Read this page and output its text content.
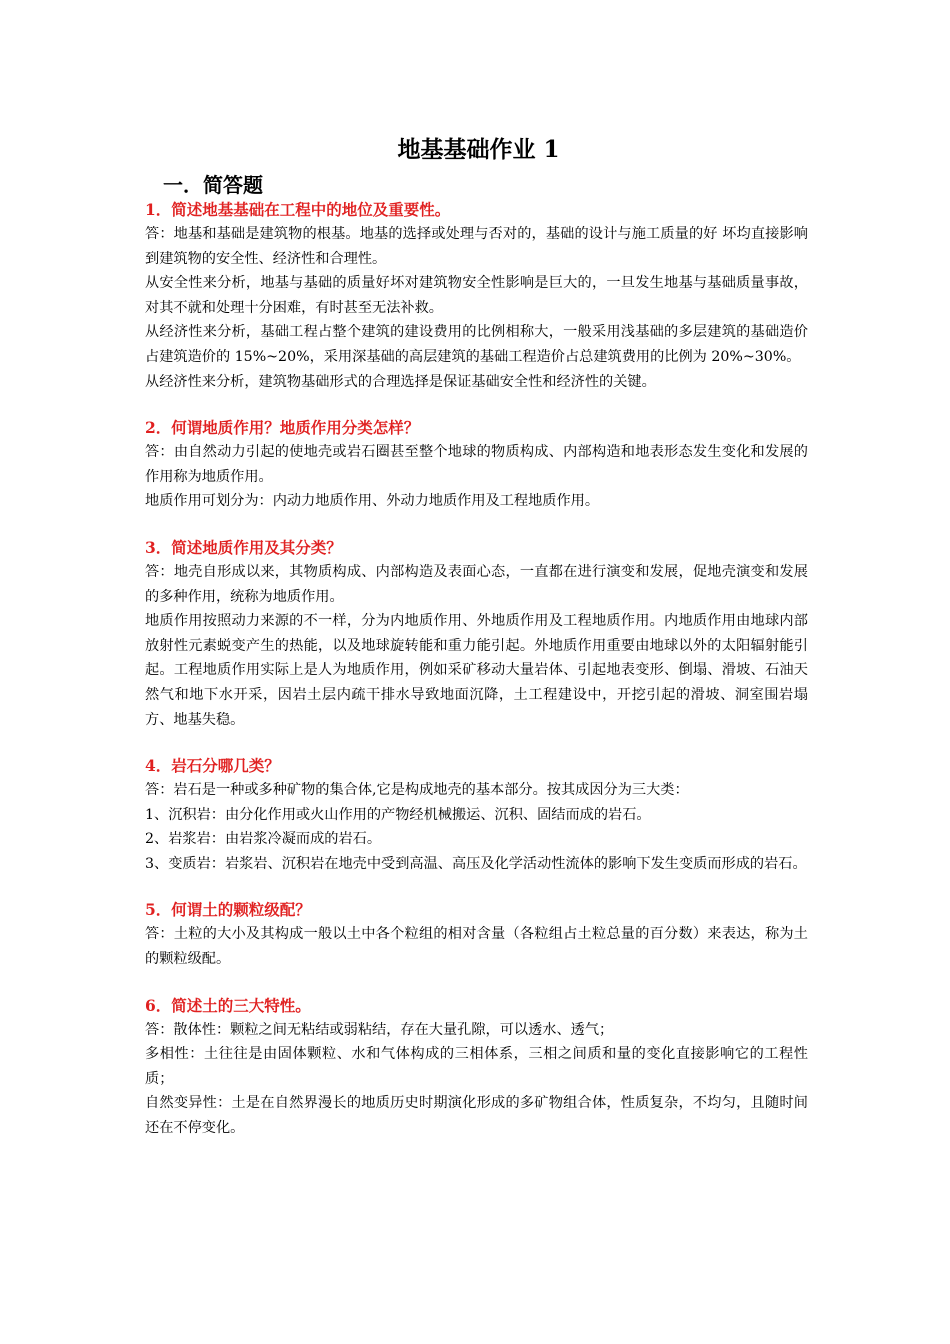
地基基础作业 1
一．简答题

1．简述地基基础在工程中的地位及重要性。

答：地基和基础是建筑物的根基。地基的选择或处理与否对的，基础的设计与施工质量的好 坏均直接影响到建筑物的安全性、经济性和合理性。

从安全性来分析，地基与基础的质量好坏对建筑物安全性影响是巨大的，一旦发生地基与基础质量事故，对其不就和处理十分困难，有时甚至无法补救。

从经济性来分析，基础工程占整个建筑的建设费用的比例相称大，一般采用浅基础的多层建筑的基础造价占建筑造价的 15%~20%，采用深基础的高层建筑的基础工程造价占总建筑费用的比例为 20%~30%。

从经济性来分析，建筑物基础形式的合理选择是保证基础安全性和经济性的关键。

2．何谓地质作用？地质作用分类怎样？

答：由自然动力引起的使地壳或岩石圈甚至整个地球的物质构成、内部构造和地表形态发生变化和发展的作用称为地质作用。

地质作用可划分为：内动力地质作用、外动力地质作用及工程地质作用。

3．简述地质作用及其分类？

答：地壳自形成以来，其物质构成、内部构造及表面心态，一直都在进行演变和发展，促地壳演变和发展的多种作用，统称为地质作用。

地质作用按照动力来源的不一样，分为内地质作用、外地质作用及工程地质作用。内地质作用由地球内部放射性元素蜕变产生的热能，以及地球旋转能和重力能引起。外地质作用重要由地球以外的太阳辐射能引起。工程地质作用实际上是人为地质作用，例如采矿移动大量岩体、引起地表变形、倒塌、滑坡、石油天然气和地下水开采，因岩土层内疏干排水导致地面沉降，土工程建设中，开挖引起的滑坡、洞室围岩塌方、地基失稳。

4．岩石分哪几类？

答：岩石是一种或多种矿物的集合体,它是构成地壳的基本部分。按其成因分为三大类：

1、沉积岩：由分化作用或火山作用的产物经机械搬运、沉积、固结而成的岩石。

2、岩浆岩：由岩浆冷凝而成的岩石。

3、变质岩：岩浆岩、沉积岩在地壳中受到高温、高压及化学活动性流体的影响下发生变质而形成的岩石。

5．何谓土的颗粒级配？

答：土粒的大小及其构成一般以土中各个粒组的相对含量（各粒组占土粒总量的百分数）来表达，称为土的颗粒级配。

6．简述土的三大特性。

答：散体性：颗粒之间无粘结或弱粘结，存在大量孔隙，可以透水、透气；

多相性：土往往是由固体颗粒、水和气体构成的三相体系，三相之间质和量的变化直接影响它的工程性质；

自然变异性：土是在自然界漫长的地质历史时期演化形成的多矿物组合体，性质复杂，不均匀，且随时间还在不停变化。
